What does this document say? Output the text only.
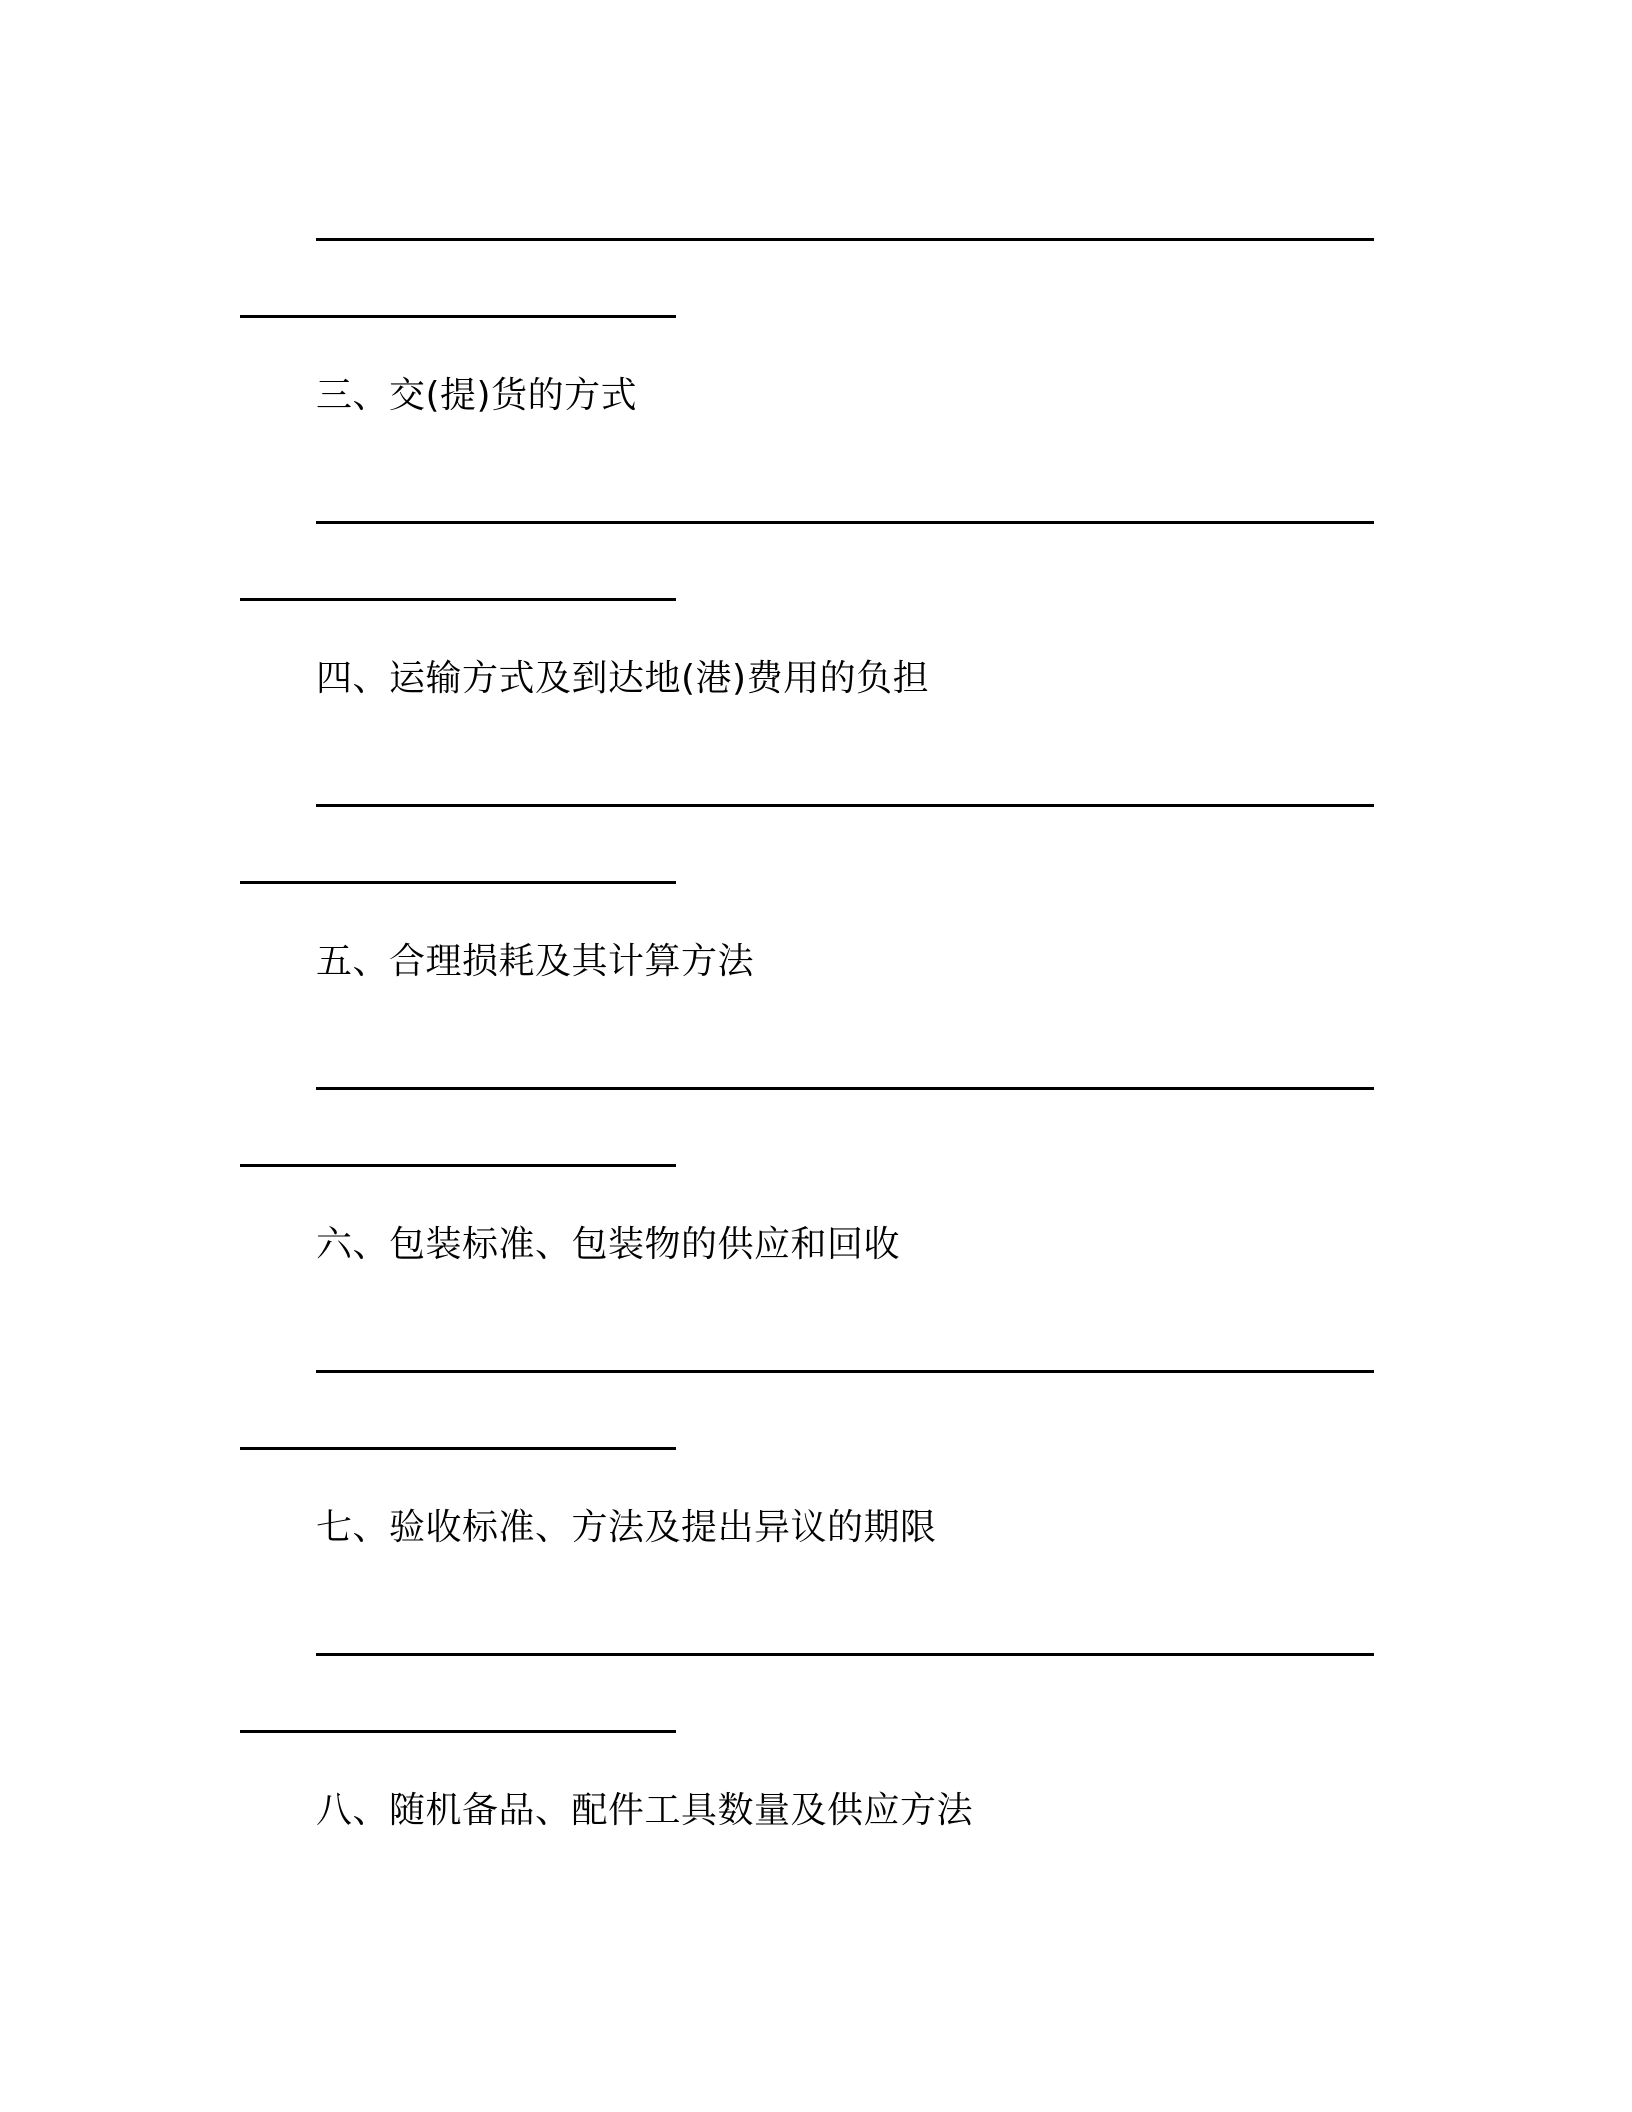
三、交(提)货的方式
四、运输方式及到达地(港)费用的负担
五、合理损耗及其计算方法
六、包装标准、包装物的供应和回收
七、验收标准、方法及提出异议的期限
八、随机备品、配件工具数量及供应方法
